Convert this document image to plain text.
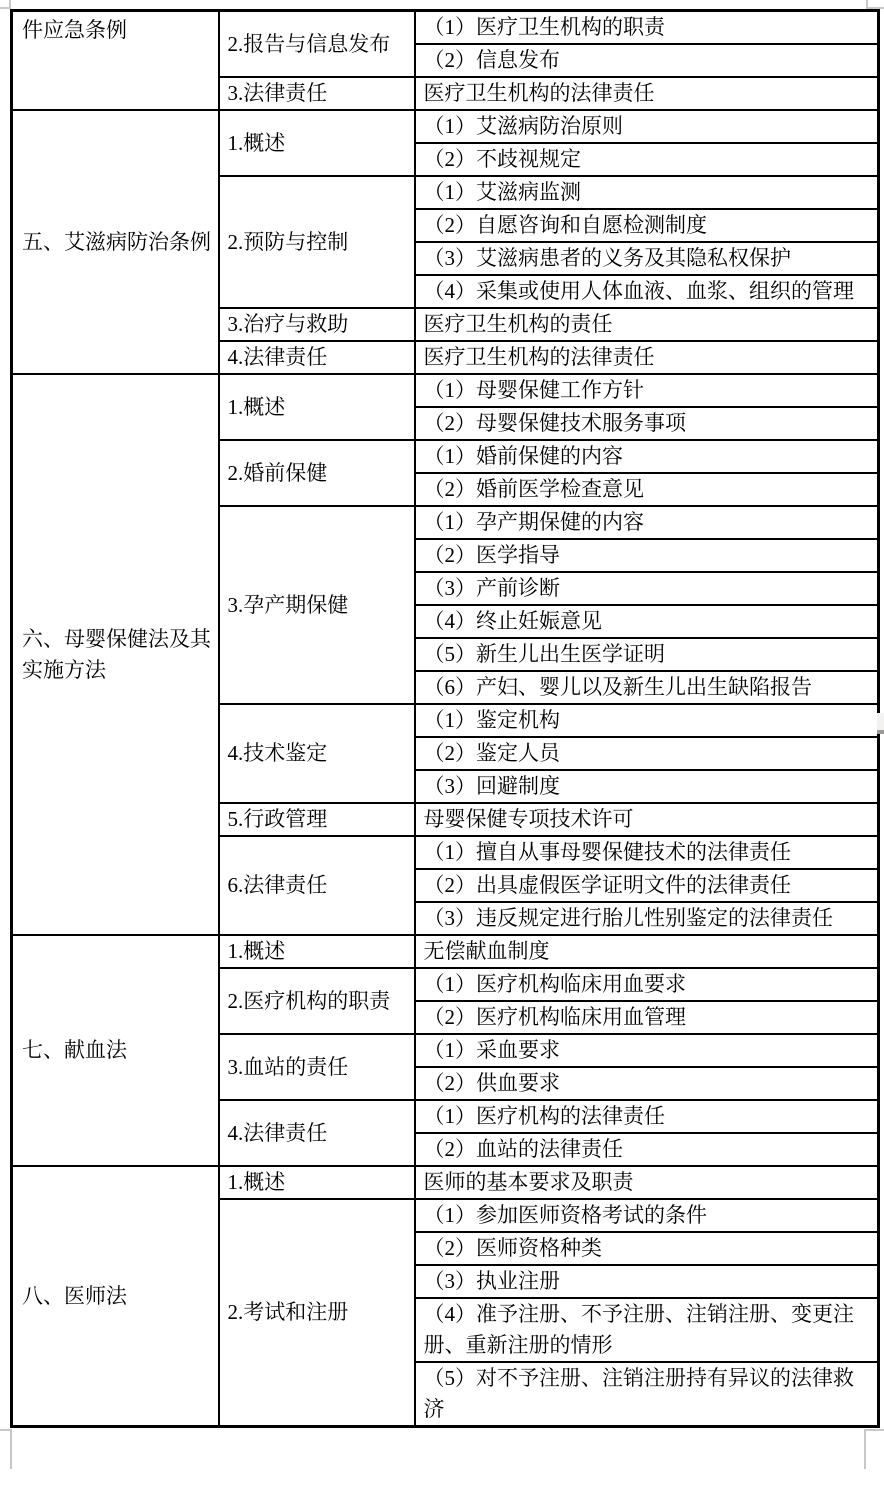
件应急条例	2.报告与信息发布	（1）医疗卫生机构的职责
		（2）信息发布
	3.法律责任	医疗卫生机构的法律责任
五、艾滋病防治条例	1.概述	（1）艾滋病防治原则
		（2）不歧视规定
	2.预防与控制	（1）艾滋病监测
		（2）自愿咨询和自愿检测制度
		（3）艾滋病患者的义务及其隐私权保护
		（4）采集或使用人体血液、血浆、组织的管理
	3.治疗与救助	医疗卫生机构的责任
	4.法律责任	医疗卫生机构的法律责任
六、母婴保健法及其实施方法	1.概述	（1）母婴保健工作方针
		（2）母婴保健技术服务事项
	2.婚前保健	（1）婚前保健的内容
		（2）婚前医学检查意见
	3.孕产期保健	（1）孕产期保健的内容
		（2）医学指导
		（3）产前诊断
		（4）终止妊娠意见
		（5）新生儿出生医学证明
		（6）产妇、婴儿以及新生儿出生缺陷报告
	4.技术鉴定	（1）鉴定机构
		（2）鉴定人员
		（3）回避制度
	5.行政管理	母婴保健专项技术许可
	6.法律责任	（1）擅自从事母婴保健技术的法律责任
		（2）出具虚假医学证明文件的法律责任
		（3）违反规定进行胎儿性别鉴定的法律责任
七、献血法	1.概述	无偿献血制度
	2.医疗机构的职责	（1）医疗机构临床用血要求
		（2）医疗机构临床用血管理
	3.血站的责任	（1）采血要求
		（2）供血要求
	4.法律责任	（1）医疗机构的法律责任
		（2）血站的法律责任
八、医师法	1.概述	医师的基本要求及职责
	2.考试和注册	（1）参加医师资格考试的条件
		（2）医师资格种类
		（3）执业注册
		（4）准予注册、不予注册、注销注册、变更注册、重新注册的情形
		（5）对不予注册、注销注册持有异议的法律救济
